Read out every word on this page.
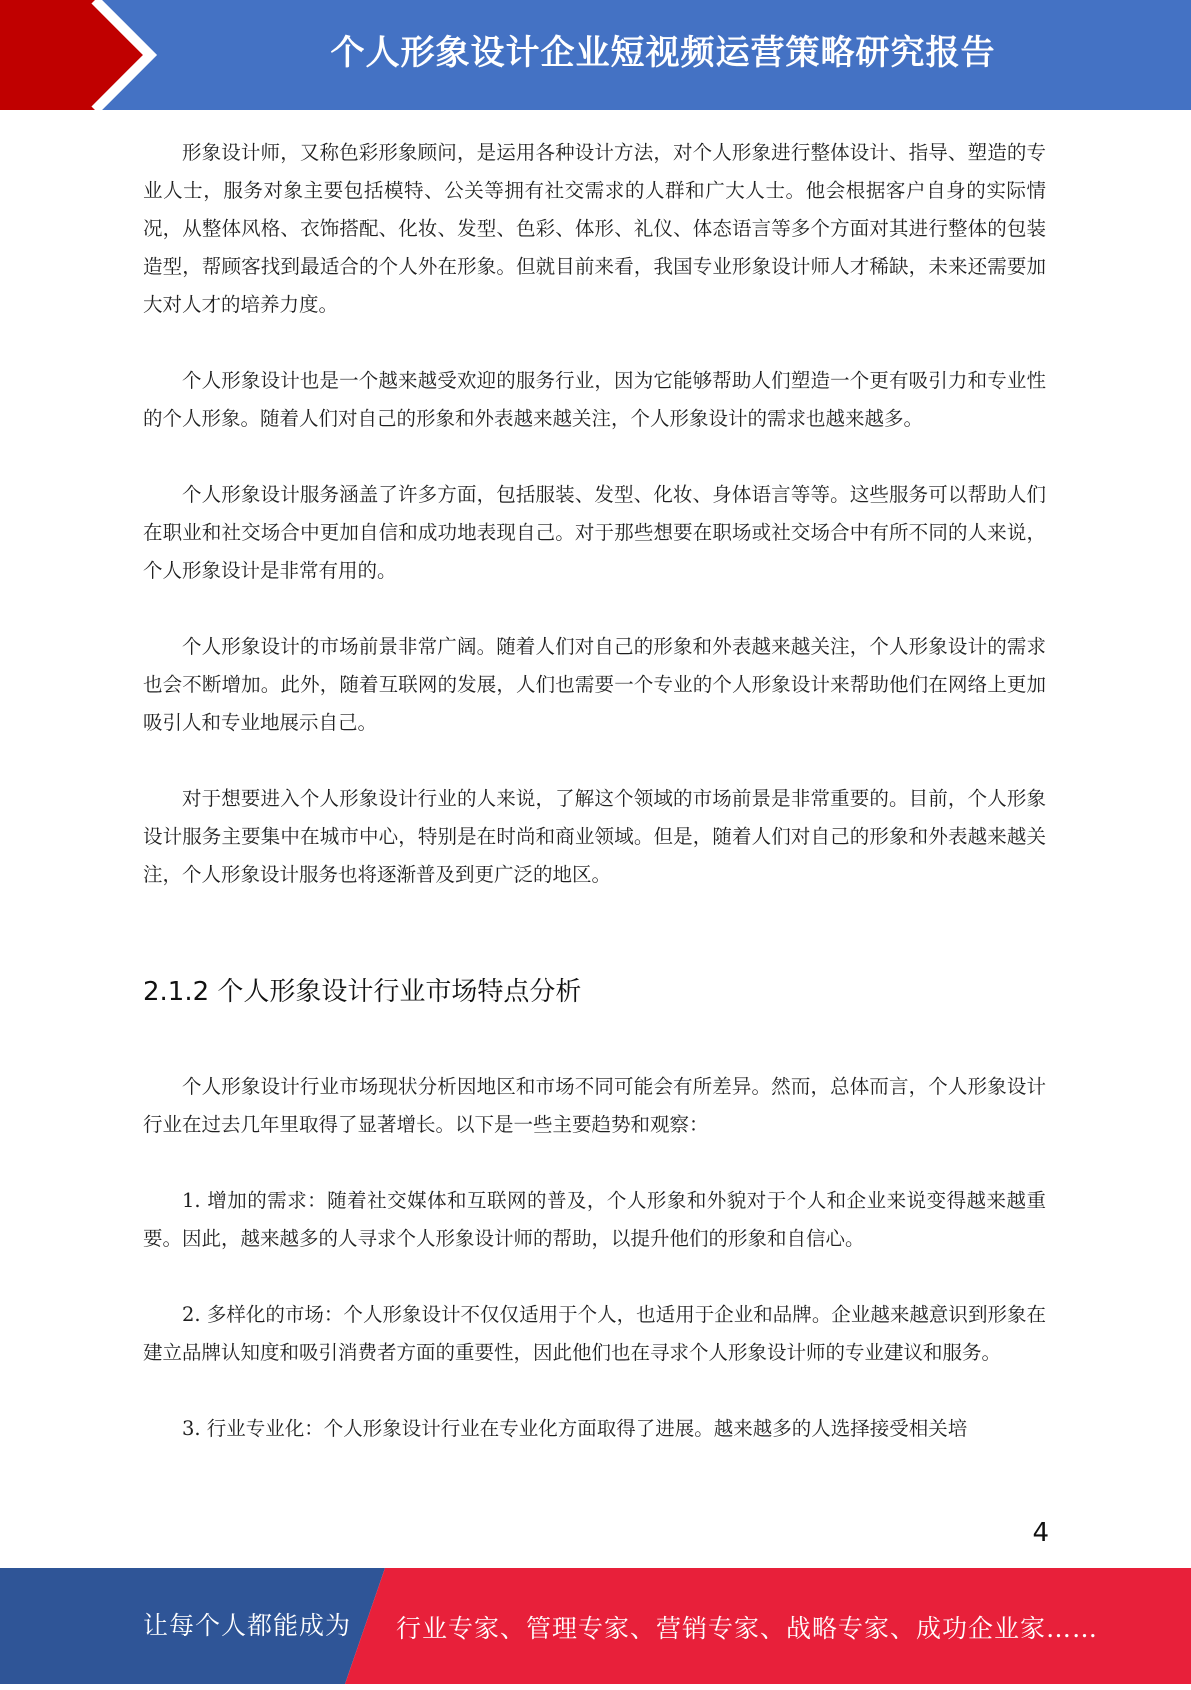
个人形象设计企业短视频运营策略研究报告

形象设计师，又称色彩形象顾问，是运用各种设计方法，对个人形象进行整体设计、指导、塑造的专业人士，服务对象主要包括模特、公关等拥有社交需求的人群和广大人士。他会根据客户自身的实际情况，从整体风格、衣饰搭配、化妆、发型、色彩、体形、礼仪、体态语言等多个方面对其进行整体的包装造型，帮顾客找到最适合的个人外在形象。但就目前来看，我国专业形象设计师人才稀缺，未来还需要加大对人才的培养力度。

个人形象设计也是一个越来越受欢迎的服务行业，因为它能够帮助人们塑造一个更有吸引力和专业性的个人形象。随着人们对自己的形象和外表越来越关注，个人形象设计的需求也越来越多。

个人形象设计服务涵盖了许多方面，包括服装、发型、化妆、身体语言等等。这些服务可以帮助人们在职业和社交场合中更加自信和成功地表现自己。对于那些想要在职场或社交场合中有所不同的人来说，个人形象设计是非常有用的。

个人形象设计的市场前景非常广阔。随着人们对自己的形象和外表越来越关注，个人形象设计的需求也会不断增加。此外，随着互联网的发展，人们也需要一个专业的个人形象设计来帮助他们在网络上更加吸引人和专业地展示自己。

对于想要进入个人形象设计行业的人来说，了解这个领域的市场前景是非常重要的。目前，个人形象设计服务主要集中在城市中心，特别是在时尚和商业领域。但是，随着人们对自己的形象和外表越来越关注，个人形象设计服务也将逐渐普及到更广泛的地区。

2.1.2 个人形象设计行业市场特点分析

个人形象设计行业市场现状分析因地区和市场不同可能会有所差异。然而，总体而言，个人形象设计行业在过去几年里取得了显著增长。以下是一些主要趋势和观察：

1. 增加的需求：随着社交媒体和互联网的普及，个人形象和外貌对于个人和企业来说变得越来越重要。因此，越来越多的人寻求个人形象设计师的帮助，以提升他们的形象和自信心。

2. 多样化的市场：个人形象设计不仅仅适用于个人，也适用于企业和品牌。企业越来越意识到形象在建立品牌认知度和吸引消费者方面的重要性，因此他们也在寻求个人形象设计师的专业建议和服务。

3. 行业专业化：个人形象设计行业在专业化方面取得了进展。越来越多的人选择接受相关培

4
让每个人都能成为 行业专家、管理专家、营销专家、战略专家、成功企业家……
